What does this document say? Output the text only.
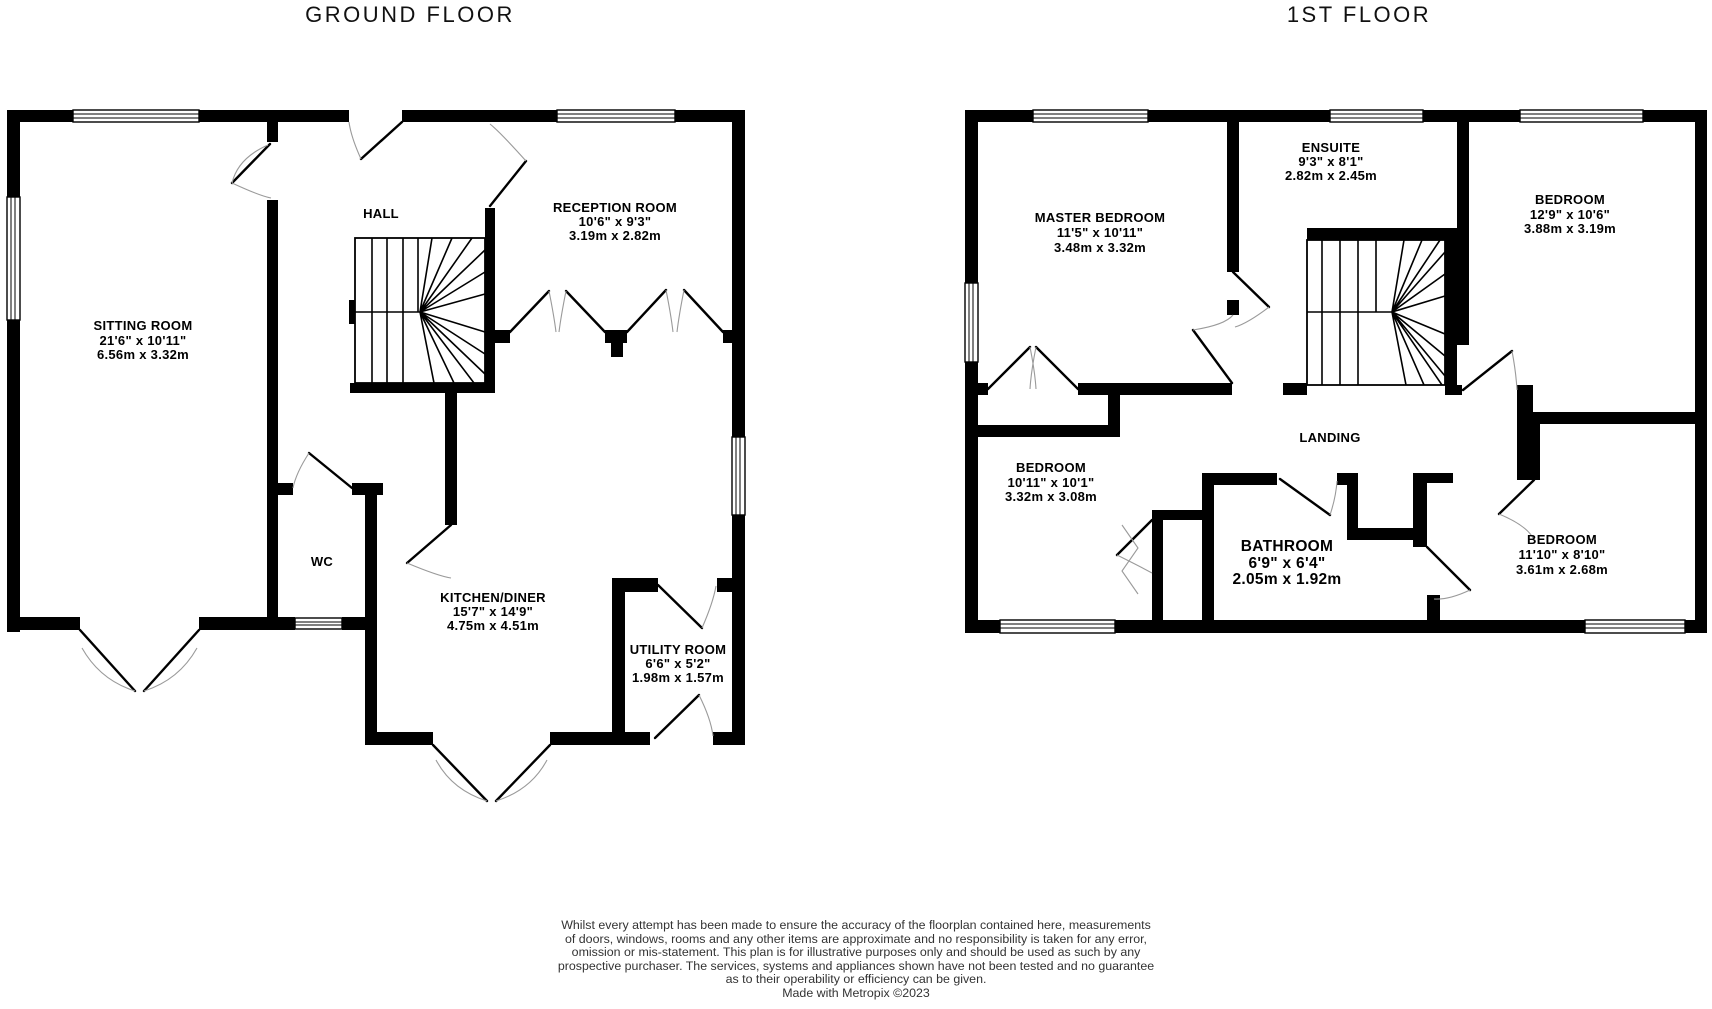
GROUND FLOOR
SITTING ROOM
21'6" x 10'11"
6.56m x 3.32m
HALL	RECEPTION ROOM
10'6" x 9'3"
3.19m x 2.82m
WC
KITCHEN/DINER
15'7" x 14'9"
4.75m x 4.51m
UTILITY ROOM
6'6" x 5'2"
1.98m x 1.57m
1ST FLOOR
MASTER BEDROOM
11'5" x 10'11"
3.48m x 3.32m
ENSUITE
9'3" x 8'1"
2.82m x 2.45m
BEDROOM
12'9" x 10'6"
3.88m x 3.19m
BEDROOM
10'11" x 10'1"
3.32m x 3.08m
LANDING
BATHROOM
6'9" x 6'4"
2.05m x 1.92m
BEDROOM
11'10" x 8'10"
3.61m x 2.68m
Whilst every attempt has been made to ensure the accuracy of the floorplan contained here, measurements
of doors, windows, rooms and any other items are approximate and no responsibility is taken for any error,
omission or mis-statement. This plan is for illustrative purposes only and should be used as such by any
prospective purchaser. The services, systems and appliances shown have not been tested and no guarantee
as to their operability or efficiency can be given.
Made with Metropix ©2023
